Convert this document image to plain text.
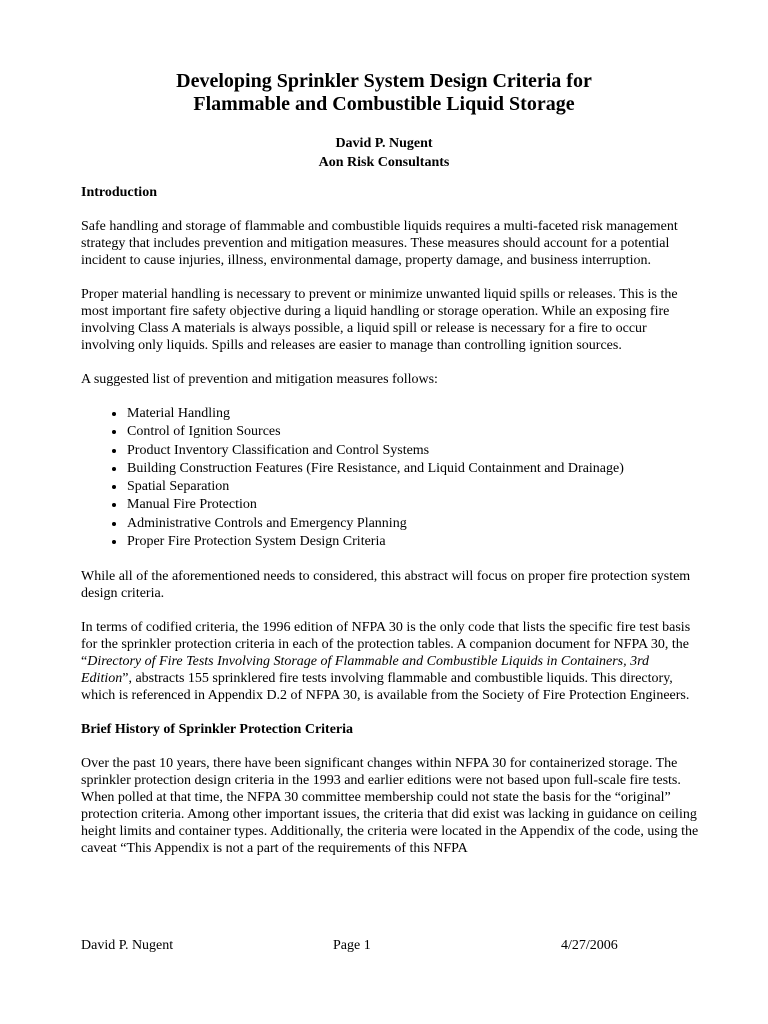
Developing Sprinkler System Design Criteria for
Flammable and Combustible Liquid Storage
David P. Nugent
Aon Risk Consultants
Introduction

Safe handling and storage of flammable and combustible liquids requires a multi-faceted risk management strategy that includes prevention and mitigation measures. These measures should account for a potential incident to cause injuries, illness, environmental damage, property damage, and business interruption.

Proper material handling is necessary to prevent or minimize unwanted liquid spills or releases. This is the most important fire safety objective during a liquid handling or storage operation. While an exposing fire involving Class A materials is always possible, a liquid spill or release is necessary for a fire to occur involving only liquids. Spills and releases are easier to manage than controlling ignition sources.

A suggested list of prevention and mitigation measures follows:

• Material Handling
• Control of Ignition Sources
• Product Inventory Classification and Control Systems
• Building Construction Features (Fire Resistance, and Liquid Containment and Drainage)
• Spatial Separation
• Manual Fire Protection
• Administrative Controls and Emergency Planning
• Proper Fire Protection System Design Criteria

While all of the aforementioned needs to considered, this abstract will focus on proper fire protection system design criteria.

In terms of codified criteria, the 1996 edition of NFPA 30 is the only code that lists the specific fire test basis for the sprinkler protection criteria in each of the protection tables. A companion document for NFPA 30, the “Directory of Fire Tests Involving Storage of Flammable and Combustible Liquids in Containers, 3rd Edition”, abstracts 155 sprinklered fire tests involving flammable and combustible liquids. This directory, which is referenced in Appendix D.2 of NFPA 30, is available from the Society of Fire Protection Engineers.

Brief History of Sprinkler Protection Criteria

Over the past 10 years, there have been significant changes within NFPA 30 for containerized storage. The sprinkler protection design criteria in the 1993 and earlier editions were not based upon full-scale fire tests. When polled at that time, the NFPA 30 committee membership could not state the basis for the “original” protection criteria. Among other important issues, the criteria that did exist was lacking in guidance on ceiling height limits and container types. Additionally, the criteria were located in the Appendix of the code, using the caveat “This Appendix is not a part of the requirements of this NFPA

David P. Nugent	Page 1	4/27/2006
